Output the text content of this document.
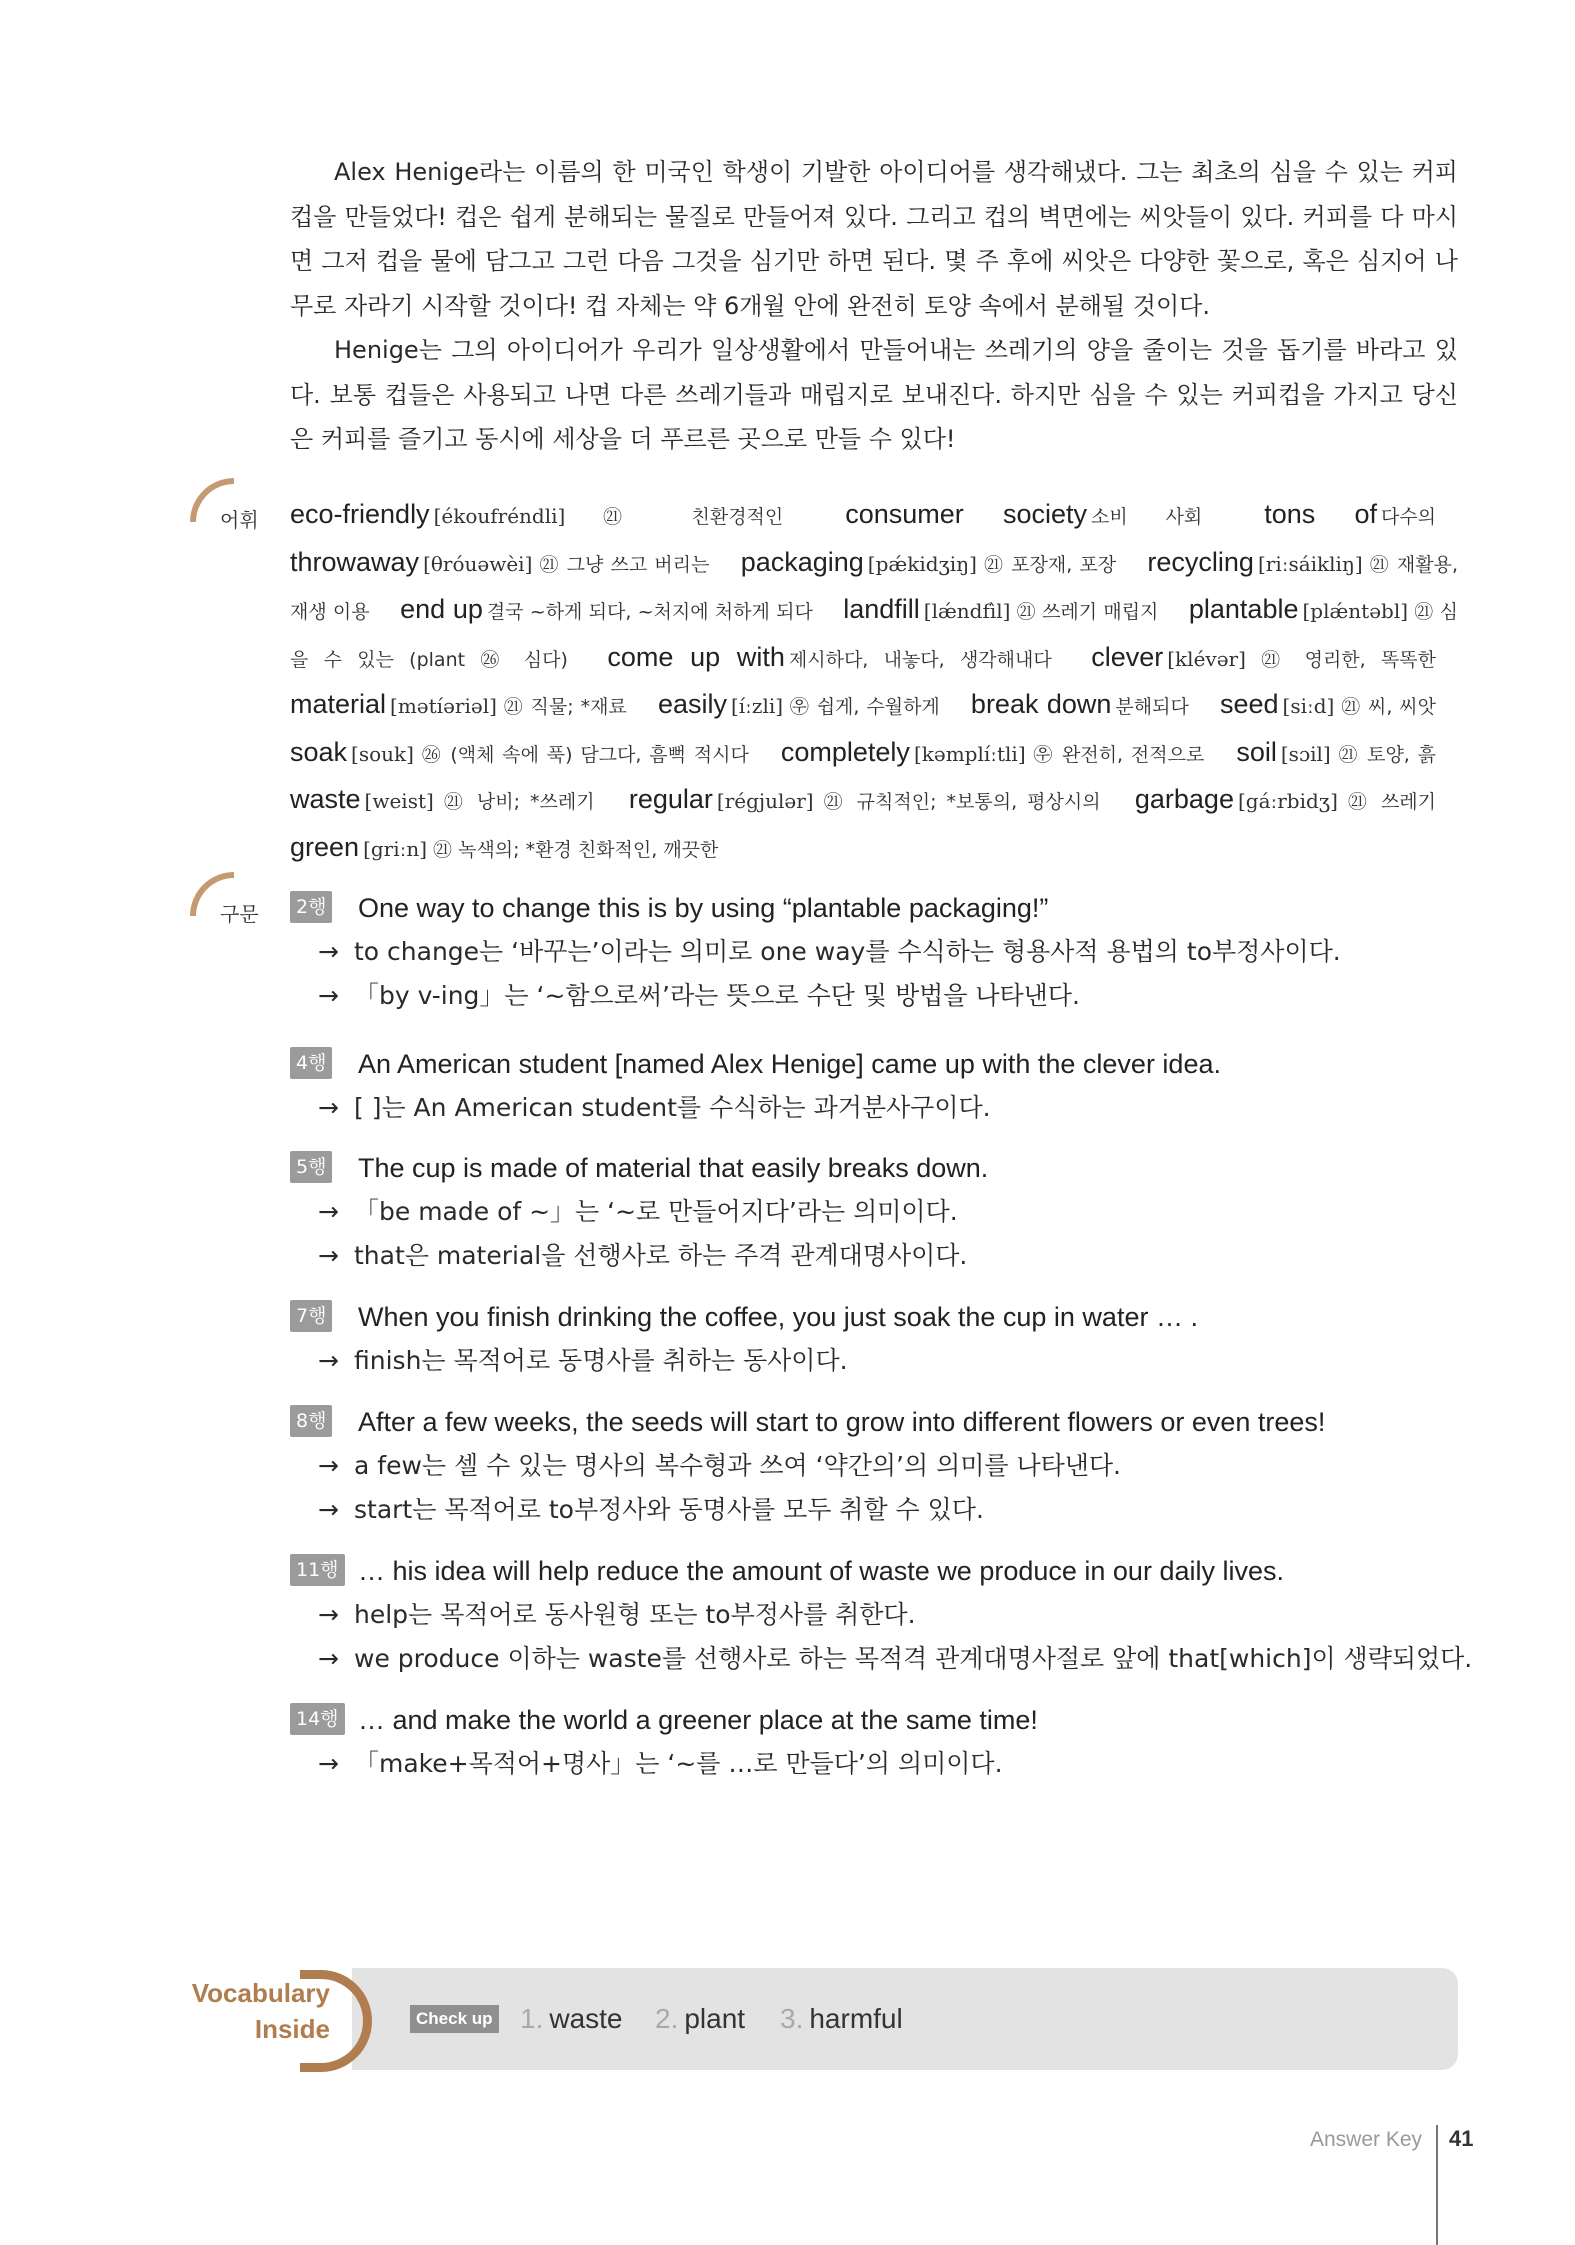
Alex Henige라는 이름의 한 미국인 학생이 기발한 아이디어를 생각해냈다. 그는 최초의 심을 수 있는 커피컵을 만들었다! 컵은 쉽게 분해되는 물질로 만들어져 있다. 그리고 컵의 벽면에는 씨앗들이 있다. 커피를 다 마시면 그저 컵을 물에 담그고 그런 다음 그것을 심기만 하면 된다. 몇 주 후에 씨앗은 다양한 꽃으로, 혹은 심지어 나무로 자라기 시작할 것이다! 컵 자체는 약 6개월 안에 완전히 토양 속에서 분해될 것이다.

Henige는 그의 아이디어가 우리가 일상생활에서 만들어내는 쓰레기의 양을 줄이는 것을 돕기를 바라고 있다. 보통 컵들은 사용되고 나면 다른 쓰레기들과 매립지로 보내진다. 하지만 심을 수 있는 커피컵을 가지고 당신은 커피를 즐기고 동시에 세상을 더 푸르른 곳으로 만들 수 있다!

어휘 eco-friendly [ékoufréndli] ㉑ 친환경적인 consumer society 소비 사회 tons of 다수의 throwaway [θróuəwèi] ㉑ 그냥 쓰고 버리는 packaging [pǽkidʒiŋ] ㉑ 포장재, 포장 recycling [riːsáikliŋ] ㉑ 재활용, 재생 이용 end up 결국 ~하게 되다, ~처지에 처하게 되다 landfill [lǽndfìl] ㉑ 쓰레기 매립지 plantable [plǽntəbl] ㉑ 심을 수 있는 (plant ㉖ 심다) come up with 제시하다, 내놓다, 생각해내다 clever [klévər] ㉑ 영리한, 똑똑한 material [mətíəriəl] ㉑ 직물; *재료 easily [íːzli] ㉾ 쉽게, 수월하게 break down 분해되다 seed [siːd] ㉑ 씨, 씨앗 soak [souk] ㉖ (액체 속에 푹) 담그다, 흠뻑 적시다 completely [kəmplíːtli] ㉾ 완전히, 전적으로 soil [sɔil] ㉑ 토양, 흙 waste [weist] ㉑ 낭비; *쓰레기 regular [régjulər] ㉑ 규칙적인; *보통의, 평상시의 garbage [gáːrbidʒ] ㉑ 쓰레기 green [griːn] ㉑ 녹색의; *환경 친화적인, 깨끗한
구문	2행 One way to change this is by using “plantable packaging!”
→ to change는 ‘바꾸는’이라는 의미로 one way를 수식하는 형용사적 용법의 to부정사이다.
→ 「by v-ing」는 ‘~함으로써’라는 뜻으로 수단 및 방법을 나타낸다.
4행 An American student [named Alex Henige] came up with the clever idea.
→ [ ]는 An American student를 수식하는 과거분사구이다.
5행 The cup is made of material that easily breaks down.
→ 「be made of ~」는 ‘~로 만들어지다’라는 의미이다.
→ that은 material을 선행사로 하는 주격 관계대명사이다.
7행 When you finish drinking the coffee, you just soak the cup in water … .
→ finish는 목적어로 동명사를 취하는 동사이다.
8행 After a few weeks, the seeds will start to grow into different flowers or even trees!
→ a few는 셀 수 있는 명사의 복수형과 쓰여 ‘약간의’의 의미를 나타낸다.
→ start는 목적어로 to부정사와 동명사를 모두 취할 수 있다.
11행 … his idea will help reduce the amount of waste we produce in our daily lives.
→ help는 목적어로 동사원형 또는 to부정사를 취한다.
→ we produce 이하는 waste를 선행사로 하는 목적격 관계대명사절로 앞에 that[which]이 생략되었다.
14행 … and make the world a greener place at the same time!
→ 「make+목적어+명사」는 ‘~를 …로 만들다’의 의미이다.
Vocabulary
Inside	Check up 1. waste 2. plant 3. harmful
Answer Key 41
